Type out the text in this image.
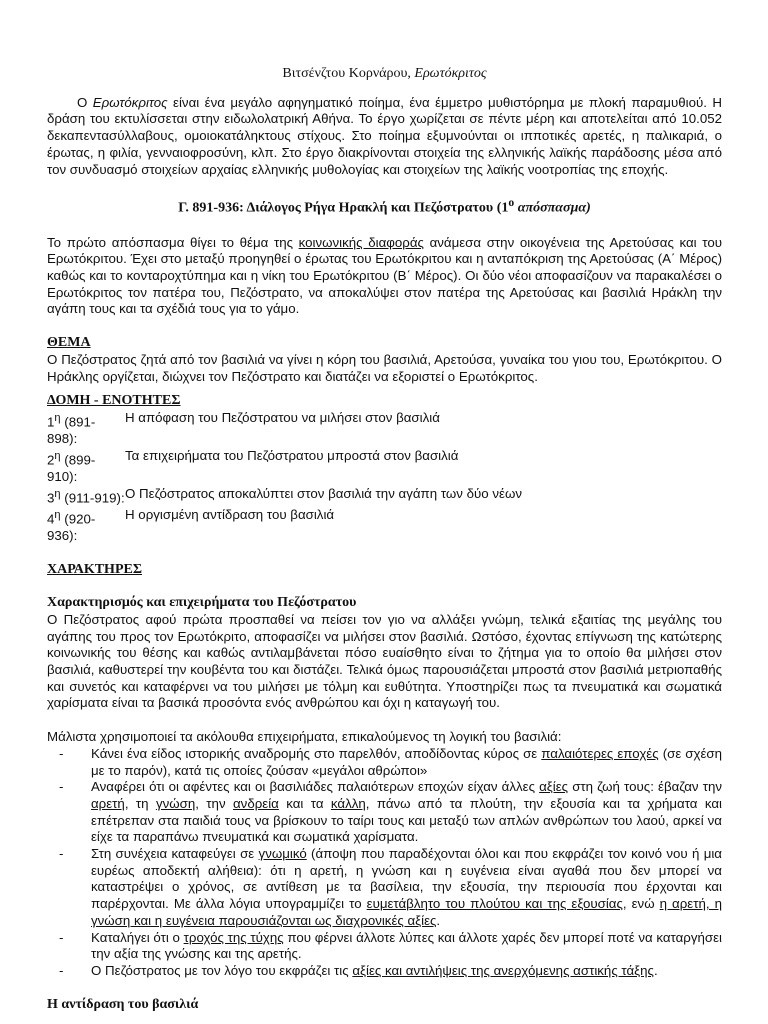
Βιτσένζτου Κορνάρου, Ερωτόκριτος

Ο Ερωτόκριτος είναι ένα μεγάλο αφηγηματικό ποίημα, ένα έμμετρο μυθιστόρημα με πλοκή παραμυθιού. Η δράση του εκτυλίσσεται στην ειδωλολατρική Αθήνα. Το έργο χωρίζεται σε πέντε μέρη και αποτελείται από 10.052 δεκαπεντασύλλαβους, ομοιοκατάληκτους στίχους. Στο ποίημα εξυμνούνται οι ιπποτικές αρετές, η παλικαριά, ο έρωτας, η φιλία, γενναιοφροσύνη, κλπ. Στο έργο διακρίνονται στοιχεία της ελληνικής λαϊκής παράδοσης μέσα από τον συνδυασμό στοιχείων αρχαίας ελληνικής μυθολογίας και στοιχείων της λαϊκής νοοτροπίας της εποχής.

Γ. 891-936: Διάλογος Ρήγα Ηρακλή και Πεζόστρατου ($1^o$ απόσπασμα)

Το πρώτο απόσπασμα θίγει το θέμα της κοινωνικής διαφοράς ανάμεσα στην οικογένεια της Αρετούσας και του Ερωτόκριτου. Έχει στο μεταξύ προηγηθεί ο έρωτας του Ερωτόκριτου και η ανταπόκριση της Αρετούσας (Α΄ Μέρος) καθώς και το κονταροχτύπημα και η νίκη του Ερωτόκριτου (Β΄ Μέρος). Οι δύο νέοι αποφασίζουν να παρακαλέσει ο Ερωτόκριτος τον πατέρα του, Πεζόστρατο, να αποκαλύψει στον πατέρα της Αρετούσας και βασιλιά Ηράκλη την αγάπη τους και τα σχέδιά τους για το γάμο.

ΘΕΜΑ

Ο Πεζόστρατος ζητά από τον βασιλιά να γίνει η κόρη του βασιλιά, Αρετούσα, γυναίκα του γιου του, Ερωτόκριτου. Ο Ηράκλης οργίζεται, διώχνει τον Πεζόστρατο και διατάζει να εξοριστεί ο Ερωτόκριτος.

ΔΟΜΗ - ΕΝΟΤΗΤΕΣ
$1^\eta$ (891-898):
Η απόφαση του Πεζόστρατου να μιλήσει στον βασιλιά
$2^\eta$ (899-910):
Τα επιχειρήματα του Πεζόστρατου μπροστά στον βασιλιά
$3^\eta$ (911-919): Ο Πεζόστρατος αποκαλύπτει στον βασιλιά την αγάπη των δύο νέων
$4^\eta$ (920-936):
Η οργισμένη αντίδραση του βασιλιά
ΧΑΡΑΚΤΗΡΕΣ
Χαρακτηρισμός και επιχειρήματα του Πεζόστρατου

Ο Πεζόστρατος αφού πρώτα προσπαθεί να πείσει τον γιο να αλλάξει γνώμη, τελικά εξαιτίας της μεγάλης του αγάπης του προς τον Ερωτόκριτο, αποφασίζει να μιλήσει στον βασιλιά. Ωστόσο, έχοντας επίγνωση της κατώτερης κοινωνικής του θέσης και καθώς αντιλαμβάνεται πόσο ευαίσθητο είναι το ζήτημα για το οποίο θα μιλήσει στον βασιλιά, καθυστερεί την κουβέντα του και διστάζει. Τελικά όμως παρουσιάζεται μπροστά στον βασιλιά μετριοπαθής και συνετός και καταφέρνει να του μιλήσει με τόλμη και ευθύτητα. Υποστηρίζει πως τα πνευματικά και σωματικά χαρίσματα είναι τα βασικά προσόντα ενός ανθρώπου και όχι η καταγωγή του.

Μάλιστα χρησιμοποιεί τα ακόλουθα επιχειρήματα, επικαλούμενος τη λογική του βασιλιά:

- Κάνει ένα είδος ιστορικής αναδρομής στο παρελθόν, αποδίδοντας κύρος σε παλαιότερες εποχές (σε σχέση με το παρόν), κατά τις οποίες ζούσαν «μεγάλοι αθρώποι»
- Αναφέρει ότι οι αφέντες και οι βασιλιάδες παλαιότερων εποχών είχαν άλλες αξίες στη ζωή τους: έβαζαν την αρετή, τη γνώση, την ανδρεία και τα κάλλη, πάνω από τα πλούτη, την εξουσία και τα χρήματα και επέτρεπαν στα παιδιά τους να βρίσκουν το ταίρι τους και μεταξύ των απλών ανθρώπων του λαού, αρκεί να είχε τα παραπάνω πνευματικά και σωματικά χαρίσματα.
- Στη συνέχεια καταφεύγει σε γνωμικό (άποψη που παραδέχονται όλοι και που εκφράζει τον κοινό νου ή μια ευρέως αποδεκτή αλήθεια): ότι η αρετή, η γνώση και η ευγένεια είναι αγαθά που δεν μπορεί να καταστρέψει ο χρόνος, σε αντίθεση με τα βασίλεια, την εξουσία, την περιουσία που έρχονται και παρέρχονται. Με άλλα λόγια υπογραμμίζει το ευμετάβλητο του πλούτου και της εξουσίας, ενώ η αρετή, η γνώση και η ευγένεια παρουσιάζονται ως διαχρονικές αξίες.
- Καταλήγει ότι ο τροχός της τύχης που φέρνει άλλοτε λύπες και άλλοτε χαρές δεν μπορεί ποτέ να καταργήσει την αξία της γνώσης και της αρετής.
- Ο Πεζόστρατος με τον λόγο του εκφράζει τις αξίες και αντιλήψεις της ανερχόμενης αστικής τάξης.
Η αντίδραση του βασιλιά
